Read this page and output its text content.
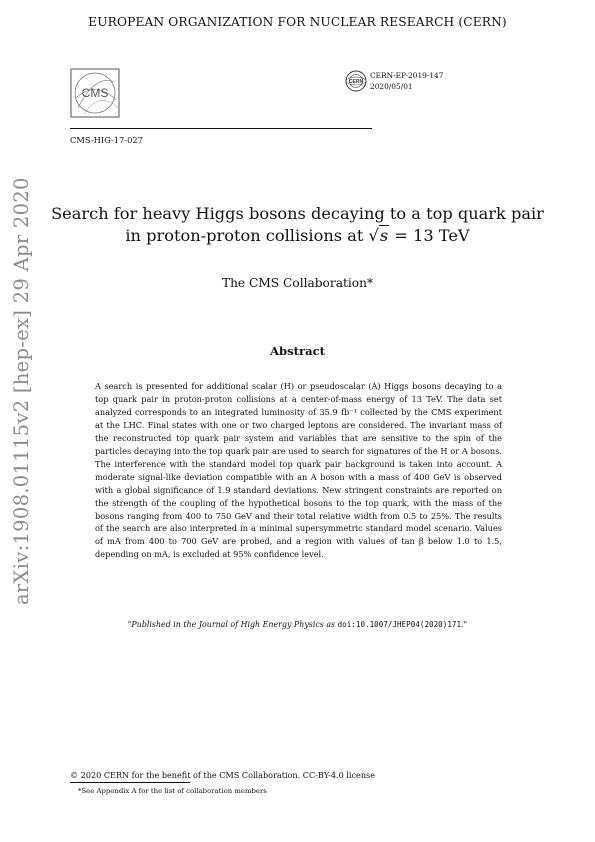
EUROPEAN ORGANIZATION FOR NUCLEAR RESEARCH (CERN)
CMS
CERN
CERN-EP-2019-147
2020/05/01
CMS-HIG-17-027
arXiv:1908.01115v2 [hep-ex] 29 Apr 2020	Search for heavy Higgs bosons decaying to a top quark pair
in proton-proton collisions at √s = 13 TeV
The CMS Collaboration*
Abstract

A search is presented for additional scalar (H) or pseudoscalar (A) Higgs bosons decaying to a top quark pair in proton-proton collisions at a center-of-mass energy of 13 TeV. The data set analyzed corresponds to an integrated luminosity of 35.9 fb⁻¹ collected by the CMS experiment at the LHC. Final states with one or two charged leptons are considered. The invariant mass of the reconstructed top quark pair system and variables that are sensitive to the spin of the particles decaying into the top quark pair are used to search for signatures of the H or A bosons. The interference with the standard model top quark pair background is taken into account. A moderate signal-like deviation compatible with an A boson with a mass of 400 GeV is observed with a global significance of 1.9 standard deviations. New stringent constraints are reported on the strength of the coupling of the hypothetical bosons to the top quark, with the mass of the bosons ranging from 400 to 750 GeV and their total relative width from 0.5 to 25%. The results of the search are also interpreted in a minimal supersymmetric standard model scenario. Values of mA from 400 to 700 GeV are probed, and a region with values of tan β below 1.0 to 1.5, depending on mA, is excluded at 95% confidence level.

"Published in the Journal of High Energy Physics as doi:10.1007/JHEP04(2020)171."
© 2020 CERN for the benefit of the CMS Collaboration. CC-BY-4.0 license
*See Appendix A for the list of collaboration members
